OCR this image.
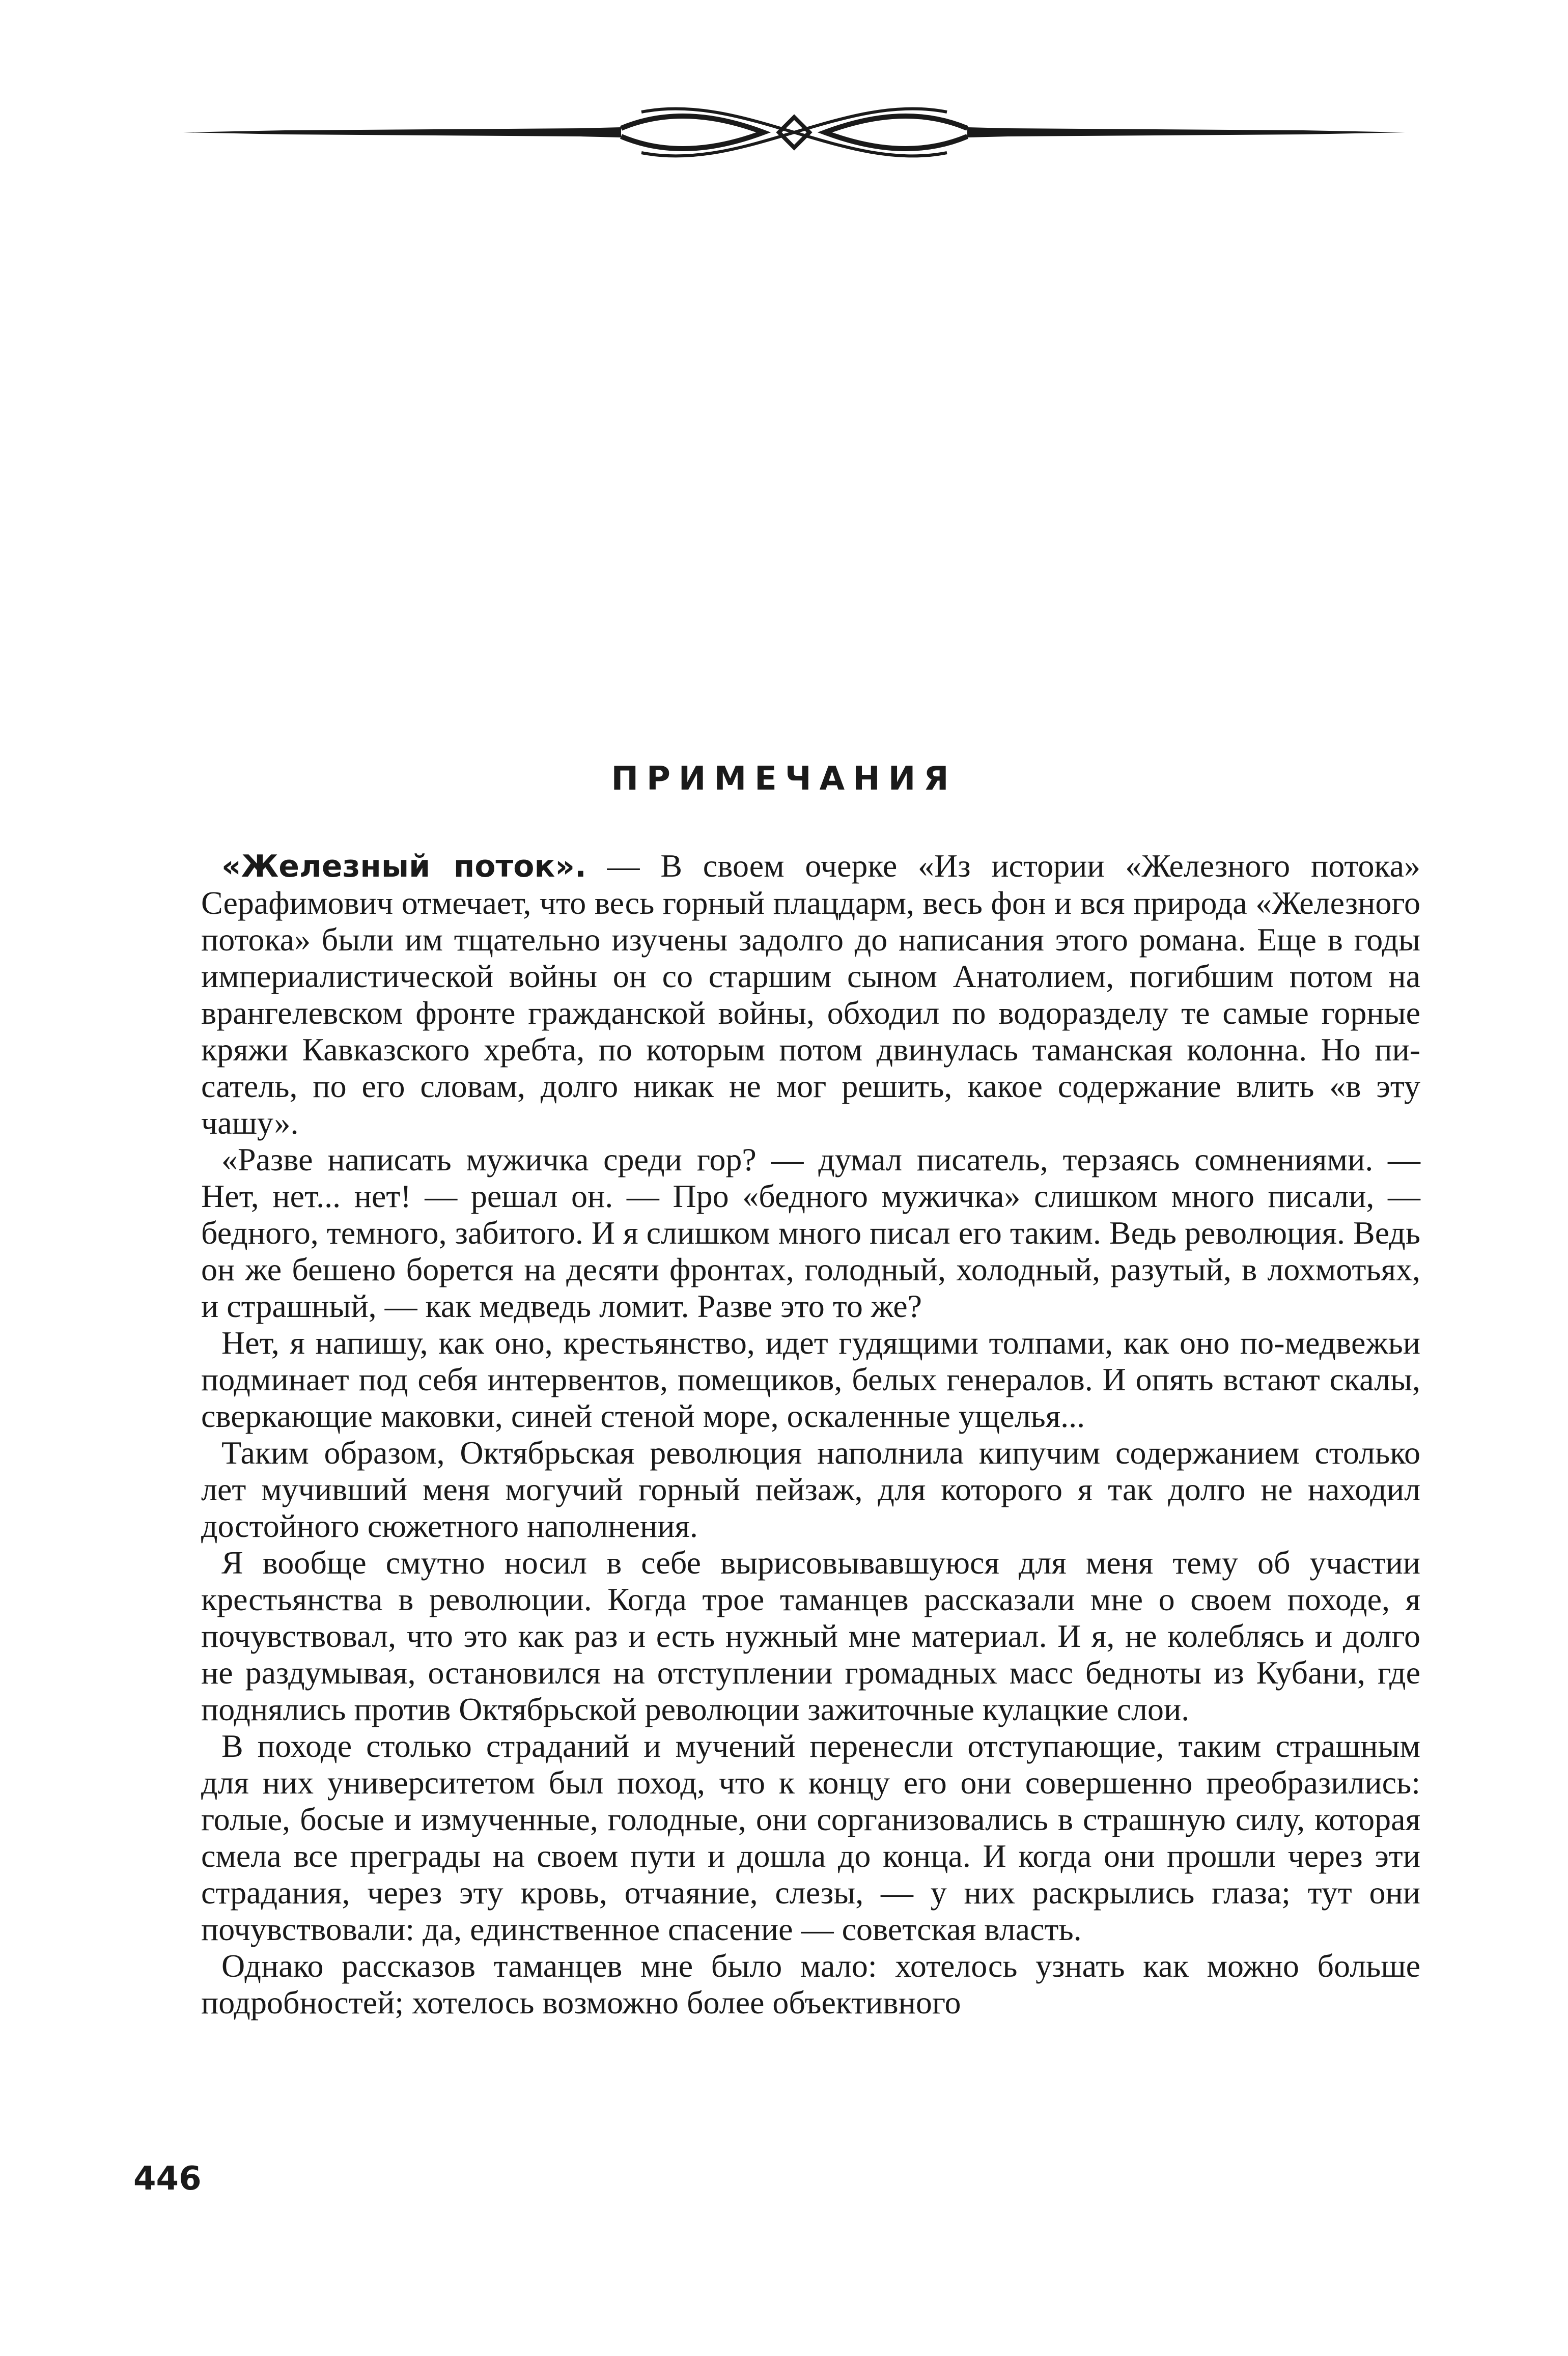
ПРИМЕЧАНИЯ

«Железный поток». — В своем очерке «Из истории «Железного потока» Серафимович отмечает, что весь горный плацдарм, весь фон и вся природа «Железного потока» были им тщательно изучены задолго до написания этого романа. Еще в годы империалистической войны он со старшим сыном Анатолием, погибшим потом на врангелевском фронте гражданской войны, обходил по водоразделу те самые горные кряжи Кавказского хребта, по которым потом двинулась таманская колонна. Но писатель, по его словам, долго никак не мог решить, какое содержание влить «в эту чашу».

«Разве написать мужичка среди гор? — думал писатель, терзаясь сомнениями. — Нет, нет... нет! — решал он. — Про «бедного мужичка» слишком много писали, — бедного, темного, забитого. И я слишком много писал его таким. Ведь революция. Ведь он же бешено борется на десяти фронтах, голодный, холодный, разутый, в лохмотьях, и страшный, — как медведь ломит. Разве это то же?

Нет, я напишу, как оно, крестьянство, идет гудящими толпами, как оно по-медвежьи подминает под себя интервентов, помещиков, белых генералов. И опять встают скалы, сверкающие маковки, синей стеной море, оскаленные ущелья...

Таким образом, Октябрьская революция наполнила кипучим содержанием столько лет мучивший меня могучий горный пейзаж, для которого я так долго не находил достойного сюжетного наполнения.

Я вообще смутно носил в себе вырисовывавшуюся для меня тему об участии крестьянства в революции. Когда трое таманцев рассказали мне о своем походе, я почувствовал, что это как раз и есть нужный мне материал. И я, не колеблясь и долго не раздумывая, остановился на отступлении громадных масс бедноты из Кубани, где поднялись против Октябрьской революции зажиточные кулацкие слои.

В походе столько страданий и мучений перенесли отступающие, таким страшным для них университетом был поход, что к концу его они совершенно преобразились: голые, босые и измученные, голодные, они сорганизовались в страшную силу, которая смела все преграды на своем пути и дошла до конца. И когда они прошли через эти страдания, через эту кровь, отчаяние, слезы, — у них раскрылись глаза; тут они почувствовали: да, единственное спасение — советская власть.

Однако рассказов таманцев мне было мало: хотелось узнать как можно больше подробностей; хотелось возможно более объективного

446
